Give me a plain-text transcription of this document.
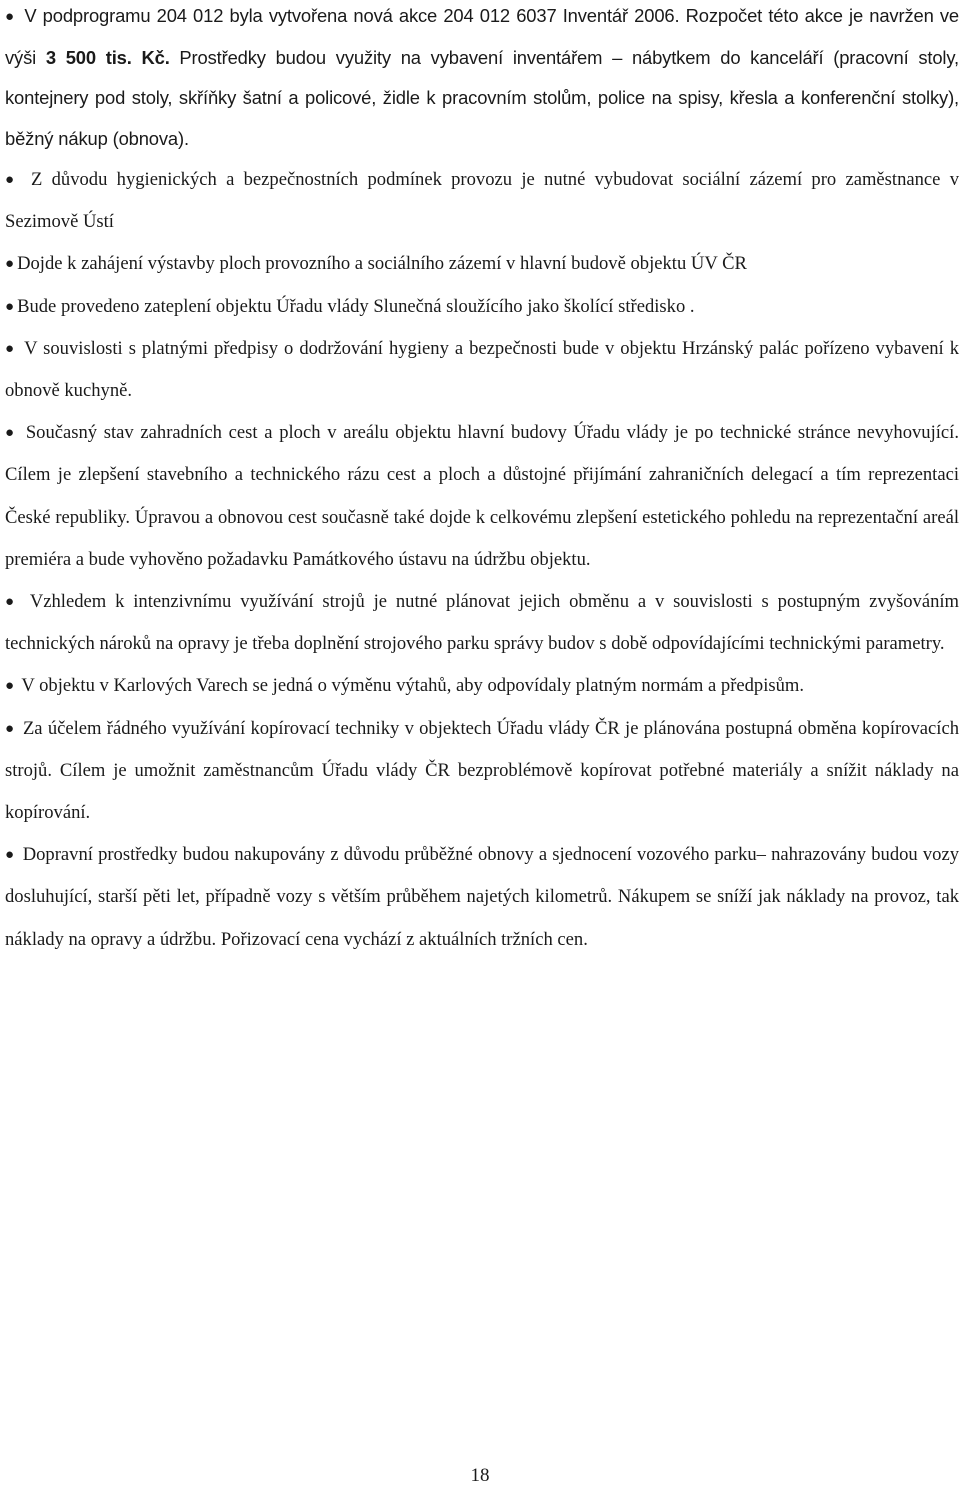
● V podprogramu 204 012 byla vytvořena nová akce 204 012 6037 Inventář 2006. Rozpočet této akce je navržen ve výši 3 500 tis. Kč. Prostředky budou využity na vybavení inventářem – nábytkem do kanceláří (pracovní stoly, kontejnery pod stoly, skříňky šatní a policové, židle k pracovním stolům, police na spisy, křesla a konferenční stolky), běžný nákup (obnova).

● Z důvodu hygienických a bezpečnostních podmínek provozu je nutné vybudovat sociální zázemí pro zaměstnance v Sezimově Ústí

● Dojde k zahájení výstavby ploch provozního a sociálního zázemí v hlavní budově objektu ÚV ČR

● Bude provedeno zateplení objektu Úřadu vlády Slunečná sloužícího jako školící středisko .

● V souvislosti s platnými předpisy o dodržování hygieny a bezpečnosti bude v objektu Hrzánský palác pořízeno vybavení k obnově kuchyně.

● Současný stav zahradních cest a ploch v areálu objektu hlavní budovy Úřadu vlády je po technické stránce nevyhovující. Cílem je zlepšení stavebního a technického rázu cest a ploch a důstojné přijímání zahraničních delegací a tím reprezentaci České republiky. Úpravou a obnovou cest současně také dojde k celkovému zlepšení estetického pohledu na reprezentační areál premiéra a bude vyhověno požadavku Památkového ústavu na údržbu objektu.

● Vzhledem k intenzivnímu využívání strojů je nutné plánovat jejich obměnu a v souvislosti s postupným zvyšováním technických nároků na opravy je třeba doplnění strojového parku správy budov s době odpovídajícími technickými parametry.

● V objektu v Karlových Varech se jedná o výměnu výtahů, aby odpovídaly platným normám a předpisům.

● Za účelem řádného využívání kopírovací techniky v objektech Úřadu vlády ČR je plánována postupná obměna kopírovacích strojů. Cílem je umožnit zaměstnancům Úřadu vlády ČR bezproblémově kopírovat potřebné materiály a snížit náklady na kopírování.

● Dopravní prostředky budou nakupovány z důvodu průběžné obnovy a sjednocení vozového parku– nahrazovány budou vozy dosluhující, starší pěti let, případně vozy s větším průběhem najetých kilometrů. Nákupem se sníží jak náklady na provoz, tak náklady na opravy a údržbu. Pořizovací cena vychází z aktuálních tržních cen.

18
